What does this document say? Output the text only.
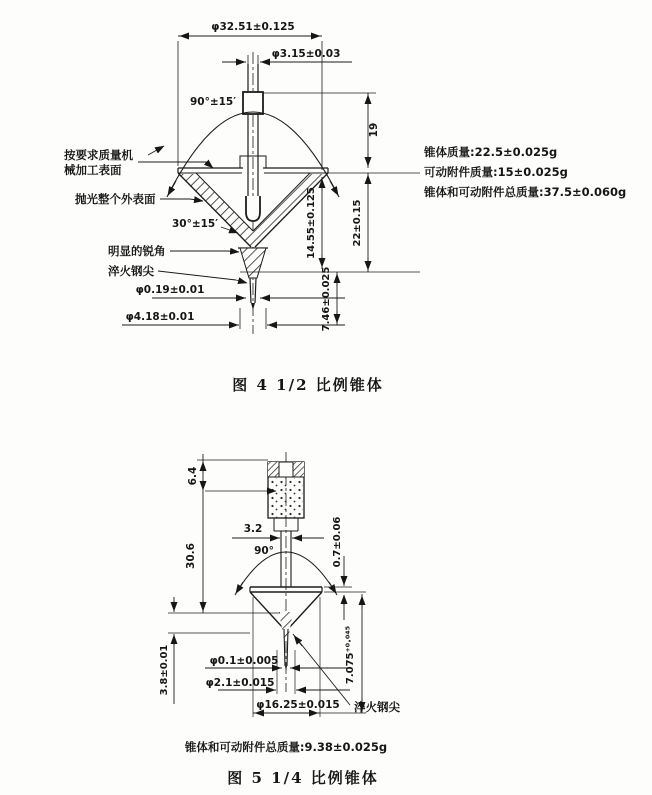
φ32.51±0.125
φ3.15±0.03
90°±15′
30°±15′
φ0.19±0.01
φ4.18±0.01
19
14.55±0.125	22±0.15
7.46±0.025
按要求质量机
械加工表面
抛光整个外表面
明显的锐角
淬火钢尖
锥体质量:22.5±0.025g
可动附件质量:15±0.025g
锥体和可动附件总质量:37.5±0.060g
图 4 1/2 比例锥体
6.4
30.6
3.2
90°	0.7±0.06
3.8±0.01	φ0.1±0.005
φ2.1±0.015
φ16.25±0.015
7.075⁺⁰·⁰⁴⁵
淬火钢尖
锥体和可动附件总质量:9.38±0.025g
图 5 1/4 比例锥体
